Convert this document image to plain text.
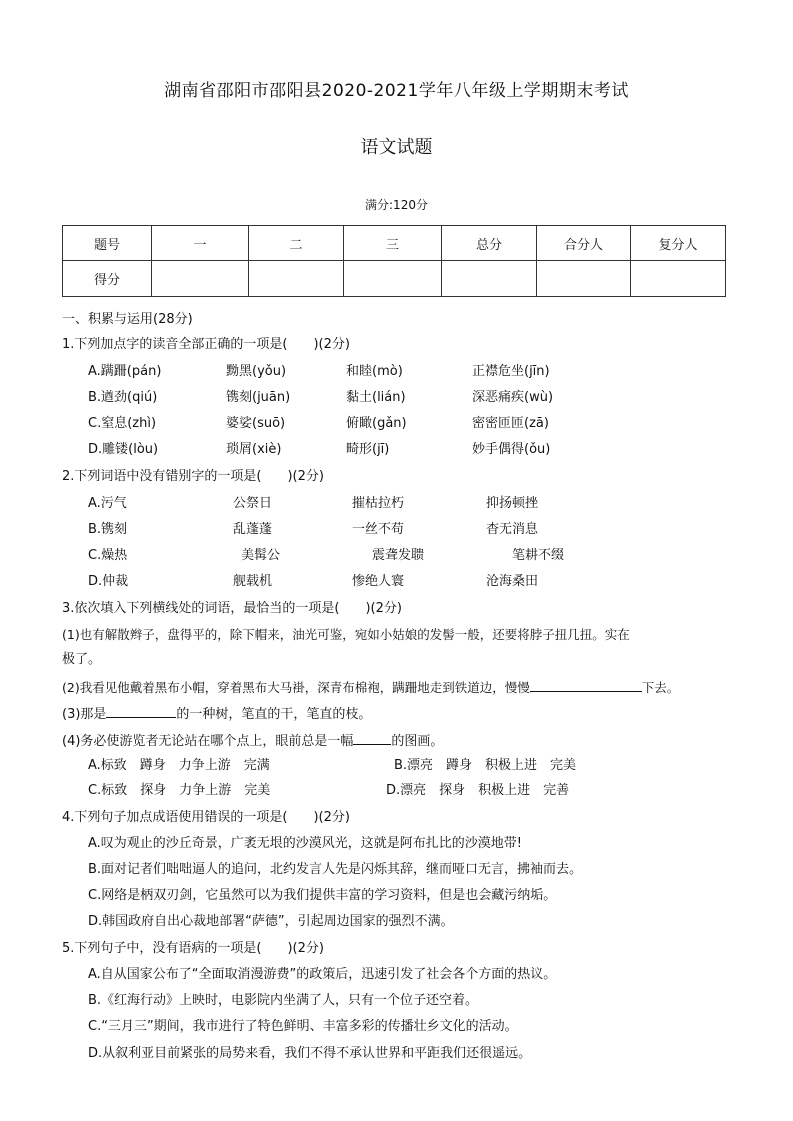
湖南省邵阳市邵阳县2020-2021学年八年级上学期期末考试
语文试题
满分:120分
题号	一	二	三	总分	合分人	复分人
得分						
一、积累与运用(28分)
1.下列加点字的读音全部正确的一项是(　　)(2分)
A.蹒跚(pán)	黝黑(yǒu)	和睦(mò)	正襟危坐(jīn)
B.遒劲(qiú)	镌刻(juān)	黏土(lián)	深恶痛疾(wù)
C.窒息(zhì)	婆娑(suō)	俯瞰(gǎn)	密密匝匝(zā)
D.雕镂(lòu)	琐屑(xiè)	畸形(jī)	妙手偶得(ǒu)
2.下列词语中没有错别字的一项是(　　)(2分)
A.污气	公祭日	摧枯拉朽	抑扬顿挫
B.镌刻	乱蓬蓬	一丝不苟	杳无消息
C.燥热	美髯公	震聋发聩	笔耕不缀
D.仲裁	舰载机	惨绝人寰	沧海桑田
3.依次填入下列横线处的词语，最恰当的一项是(　　)(2分)
(1)也有解散辫子，盘得平的，除下帽来，油光可鉴，宛如小姑娘的发髻一般，还要将脖子扭几扭。实在
极了。
(2)我看见他戴着黑布小帽，穿着黑布大马褂，深青布棉袍，蹒跚地走到铁道边，慢慢	下去。
(3)那是	的一种树，笔直的干，笔直的枝。
(4)务必使游览者无论站在哪个点上，眼前总是一幅	的图画。
A.标致　蹲身　力争上游　完满	B.漂亮　蹲身　积极上进　完美
C.标致　探身　力争上游　完美	D.漂亮　探身　积极上进　完善
4.下列句子加点成语使用错误的一项是(　　)(2分)
A.叹为观止的沙丘奇景，广袤无垠的沙漠风光，这就是阿布扎比的沙漠地带!
B.面对记者们咄咄逼人的追问，北约发言人先是闪烁其辞，继而哑口无言，拂袖而去。
C.网络是柄双刃剑，它虽然可以为我们提供丰富的学习资料，但是也会藏污纳垢。
D.韩国政府自出心裁地部署“萨德”，引起周边国家的强烈不满。
5.下列句子中，没有语病的一项是(　　)(2分)
A.自从国家公布了“全面取消漫游费”的政策后，迅速引发了社会各个方面的热议。
B.《红海行动》上映时，电影院内坐满了人，只有一个位子还空着。
C.“三月三”期间，我市进行了特色鲜明、丰富多彩的传播壮乡文化的活动。
D.从叙利亚目前紧张的局势来看，我们不得不承认世界和平距我们还很遥远。
